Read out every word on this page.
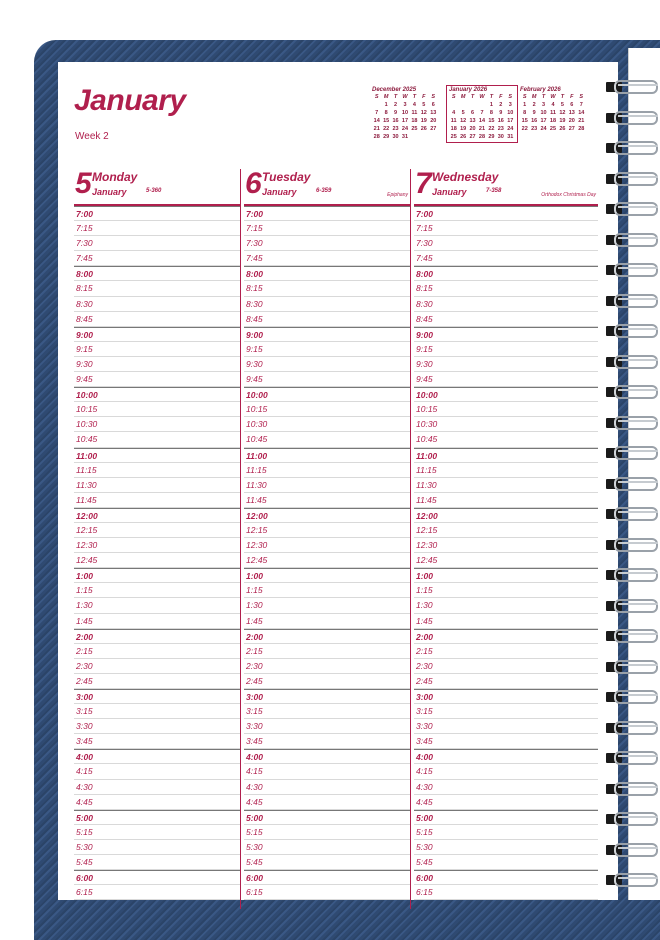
January
Week 2
December 2025
S	M	T	W	T	F	S
	1	2	3	4	5	6
7	8	9	10	11	12	13
14	15	16	17	18	19	20
21	22	23	24	25	26	27
28	29	30	31			
January 2026
S	M	T	W	T	F	S
				1	2	3
4	5	6	7	8	9	10
11	12	13	14	15	16	17
18	19	20	21	22	23	24
25	26	27	28	29	30	31
February 2026
S	M	T	W	T	F	S
1	2	3	4	5	6	7
8	9	10	11	12	13	14
15	16	17	18	19	20	21
22	23	24	25	26	27	28
5 Monday
January	5-360
7:00
7:15
7:30
7:45
8:00
8:15
8:30
8:45
9:00
9:15
9:30
9:45
10:00
10:15
10:30
10:45
11:00
11:15
11:30
11:45
12:00
12:15
12:30
12:45
1:00
1:15
1:30
1:45
2:00
2:15
2:30
2:45
3:00
3:15
3:30
3:45
4:00
4:15
4:30
4:45
5:00
5:15
5:30
5:45
6:00
6:15
6 Tuesday
January	6-359
Epiphany
7:00
7:15
7:30
7:45
8:00
8:15
8:30
8:45
9:00
9:15
9:30
9:45
10:00
10:15
10:30
10:45
11:00
11:15
11:30
11:45
12:00
12:15
12:30
12:45
1:00
1:15
1:30
1:45
2:00
2:15
2:30
2:45
3:00
3:15
3:30
3:45
4:00
4:15
4:30
4:45
5:00
5:15
5:30
5:45
6:00
6:15
7 Wednesday
January	7-358
Orthodox Christmas Day
7:00
7:15
7:30
7:45
8:00
8:15
8:30
8:45
9:00
9:15
9:30
9:45
10:00
10:15
10:30
10:45
11:00
11:15
11:30
11:45
12:00
12:15
12:30
12:45
1:00
1:15
1:30
1:45
2:00
2:15
2:30
2:45
3:00
3:15
3:30
3:45
4:00
4:15
4:30
4:45
5:00
5:15
5:30
5:45
6:00
6:15
